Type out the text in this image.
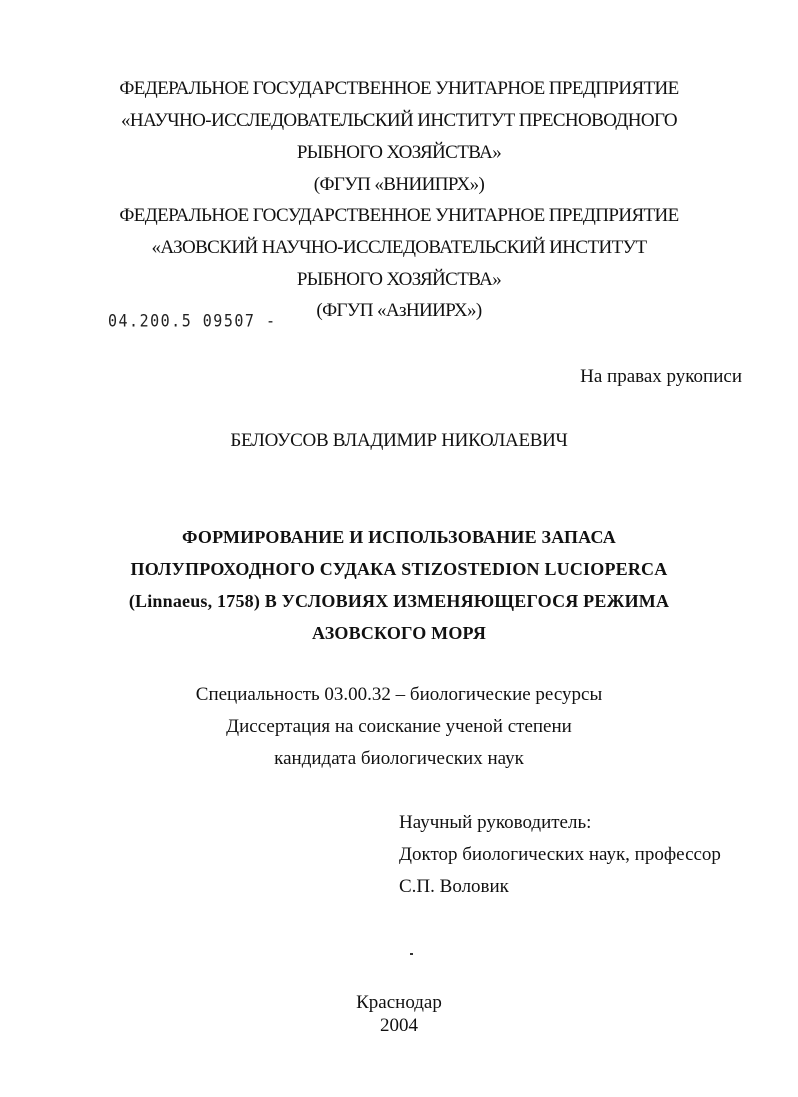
ФЕДЕРАЛЬНОЕ ГОСУДАРСТВЕННОЕ УНИТАРНОЕ ПРЕДПРИЯТИЕ
«НАУЧНО-ИССЛЕДОВАТЕЛЬСКИЙ ИНСТИТУТ ПРЕСНОВОДНОГО
РЫБНОГО ХОЗЯЙСТВА»
(ФГУП «ВНИИПРХ»)
ФЕДЕРАЛЬНОЕ ГОСУДАРСТВЕННОЕ УНИТАРНОЕ ПРЕДПРИЯТИЕ
«АЗОВСКИЙ НАУЧНО-ИССЛЕДОВАТЕЛЬСКИЙ ИНСТИТУТ
РЫБНОГО ХОЗЯЙСТВА»
(ФГУП «АзНИИРХ»)
04.200.5 09507 -
На правах рукописи
БЕЛОУСОВ ВЛАДИМИР НИКОЛАЕВИЧ
ФОРМИРОВАНИЕ И ИСПОЛЬЗОВАНИЕ ЗАПАСА
ПОЛУПРОХОДНОГО СУДАКА STIZOSTEDION LUCIOPERCA
(Linnaeus, 1758) В УСЛОВИЯХ ИЗМЕНЯЮЩЕГОСЯ РЕЖИМА
АЗОВСКОГО МОРЯ
Специальность 03.00.32 – биологические ресурсы
Диссертация на соискание ученой степени
кандидата биологических наук
Научный руководитель:
Доктор биологических наук, профессор
С.П. Воловик
Краснодар
2004
